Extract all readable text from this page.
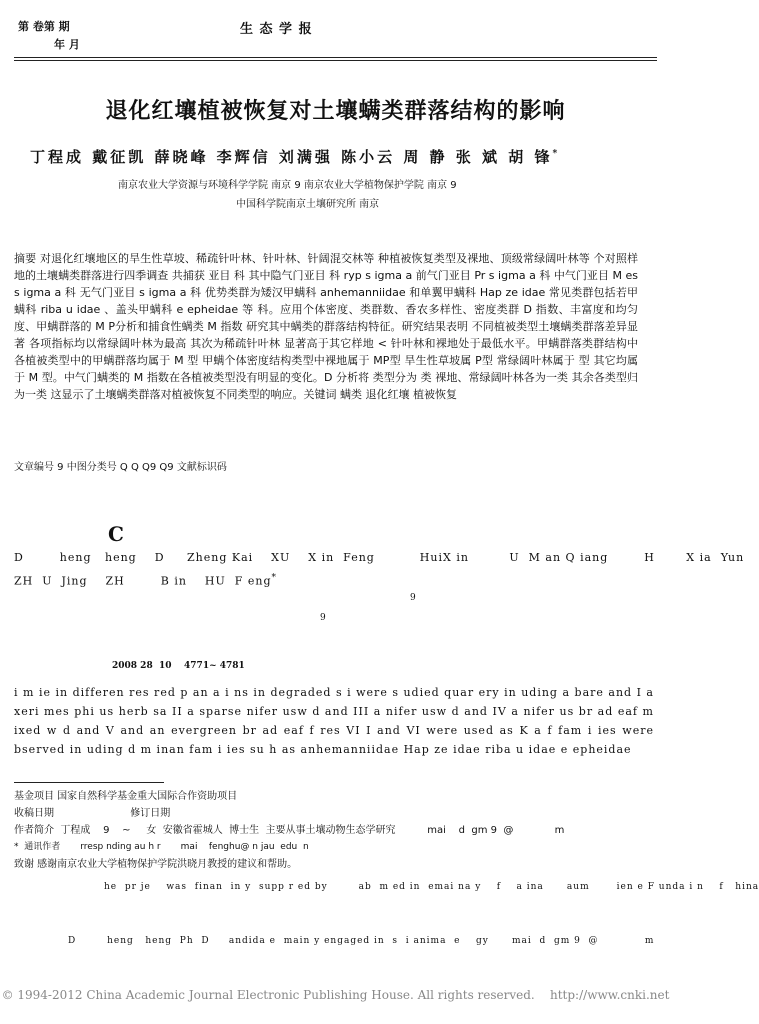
第 卷第 期
年 月
生 态 学 报
退化红壤植被恢复对土壤螨类群落结构的影响
丁程成 戴征凯 薛晓峰 李辉信 刘满强 陈小云 周 静 张 斌 胡 锋*
南京农业大学资源与环境科学学院 南京 9 南京农业大学植物保护学院 南京 9
中国科学院南京土壤研究所 南京
摘要 对退化红壤地区的旱生性草坡、稀疏针叶林、针叶林、针阔混交林等 种植被恢复类型及裸地、顶级常绿阔叶林等 个对照样地的土壤螨类群落进行四季调查 共捕获 亚目 科 其中隐气门亚目 科 ryp s igma a 前气门亚目 Pr s igma a 科 中气门亚目 M es s igma a 科 无气门亚目 s igma a 科 优势类群为矮汉甲螨科 anhemanniidae 和单翼甲螨科 Hap ze idae 常见类群包括若甲螨科 riba u idae 、盖头甲螨科 e epheidae 等 科。应用个体密度、类群数、香农多样性、密度类群 D 指数、丰富度和均匀度、甲螨群落的 M P分析和捕食性螨类 M 指数 研究其中螨类的群落结构特征。研究结果表明 不同植被类型土壤螨类群落差异显著 各项指标均以常绿阔叶林为最高 其次为稀疏针叶林 显著高于其它样地 < 针叶林和裸地处于最低水平。甲螨群落类群结构中 各植被类型中的甲螨群落均属于 M 型 甲螨个体密度结构类型中裸地属于 MP型 旱生性草坡属 P型 常绿阔叶林属于 型 其它均属于 M 型。中气门螨类的 M 指数在各植被类型没有明显的变化。D 分析将 类型分为 类 裸地、常绿阔叶林各为一类 其余各类型归为一类 这显示了土壤螨类群落对植被恢复不同类型的响应。关键词 螨类 退化红壤 植被恢复
文章编号 9 中图分类号 Q Q Q9 Q9 文献标识码
C
D        heng   heng    D     Zheng Kai    XU    X in  Feng          HuiX in         U  M an Q iang        H       X ia  Yun
ZH  U  Jing    ZH        B in    HU  F eng*
9
9
2008 28  10    4771~ 4781
i m ie in differen res red p an a i ns in degraded s i were s udied quar ery in uding a bare and I a xeri mes phi us herb sa II a sparse nifer usw d and III a nifer usw d and IV a nifer us br ad eaf m ixed w d and V and an evergreen br ad eaf f res VI I and VI were used as K a f fam i ies were bserved in uding d m inan fam i ies su h as anhemanniidae Hap ze idae riba u idae e epheidae
基金项目 国家自然科学基金重大国际合作资助项目
收稿日期                        修订日期
作者简介  丁程成    9    ~     女  安徽省霍城人  博士生  主要从事土壤动物生态学研究          mai    d  gm 9  @             m
*  通讯作者       rresp nding au h r       mai    fenghu@ n jau  edu  n
致谢 感谢南京农业大学植物保护学院洪晓月教授的建议和帮助。
he  pr je    was  finan  in y  supp r ed by        ab  m ed in  emai na y    f    a ina      aum       ien e F unda i n    f   hina
D        heng   heng  Ph  D     andida e  main y engaged in  s  i anima  e    gy      mai  d  gm 9  @            m
© 1994-2012 China Academic Journal Electronic Publishing House. All rights reserved.    http://www.cnki.net
